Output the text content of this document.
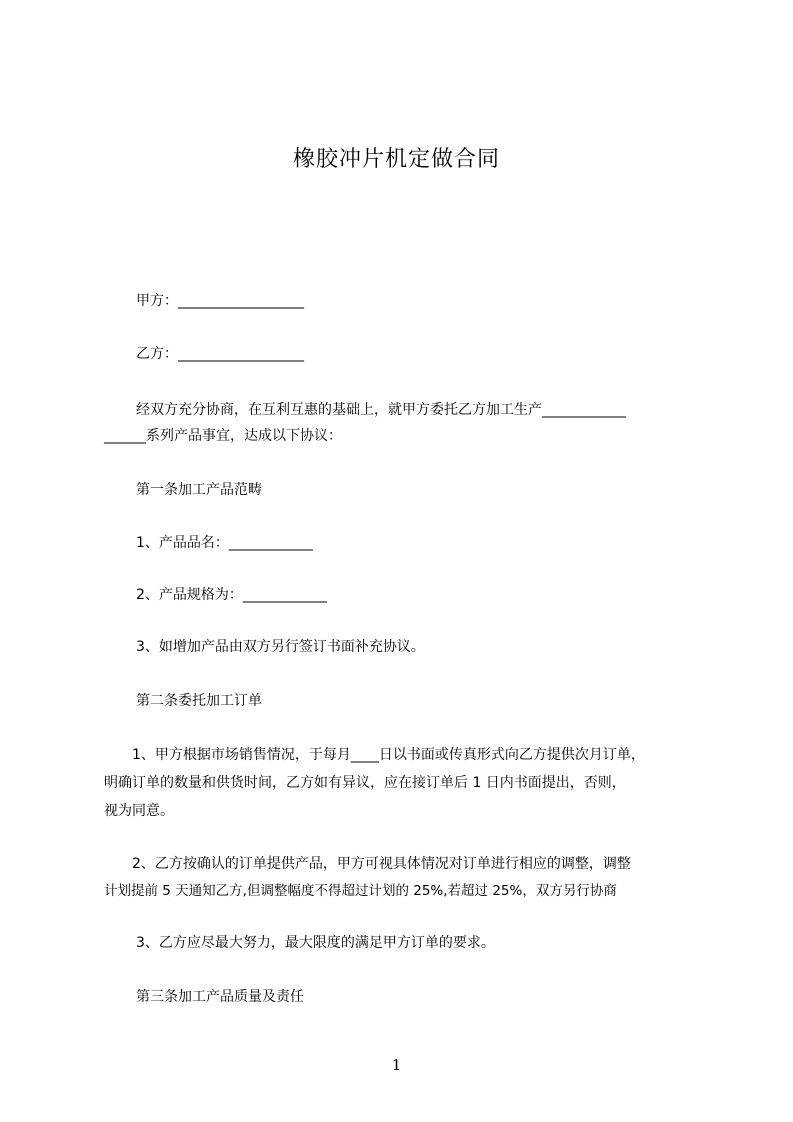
橡胶冲片机定做合同
甲方：__________________
乙方：__________________
经双方充分协商，在互利互惠的基础上，就甲方委托乙方加工生产____________
______系列产品事宜，达成以下协议：
第一条加工产品范畴
1、产品品名：____________
2、产品规格为：____________
3、如增加产品由双方另行签订书面补充协议。
第二条委托加工订单
1、甲方根据市场销售情况，于每月____日以书面或传真形式向乙方提供次月订单，
明确订单的数量和供货时间，乙方如有异议，应在接订单后 1 日内书面提出，否则，
视为同意。
2、乙方按确认的订单提供产品，甲方可视具体情况对订单进行相应的调整，调整
计划提前 5 天通知乙方,但调整幅度不得超过计划的 25%,若超过 25%，双方另行协商
3、乙方应尽最大努力，最大限度的满足甲方订单的要求。
第三条加工产品质量及责任
1
